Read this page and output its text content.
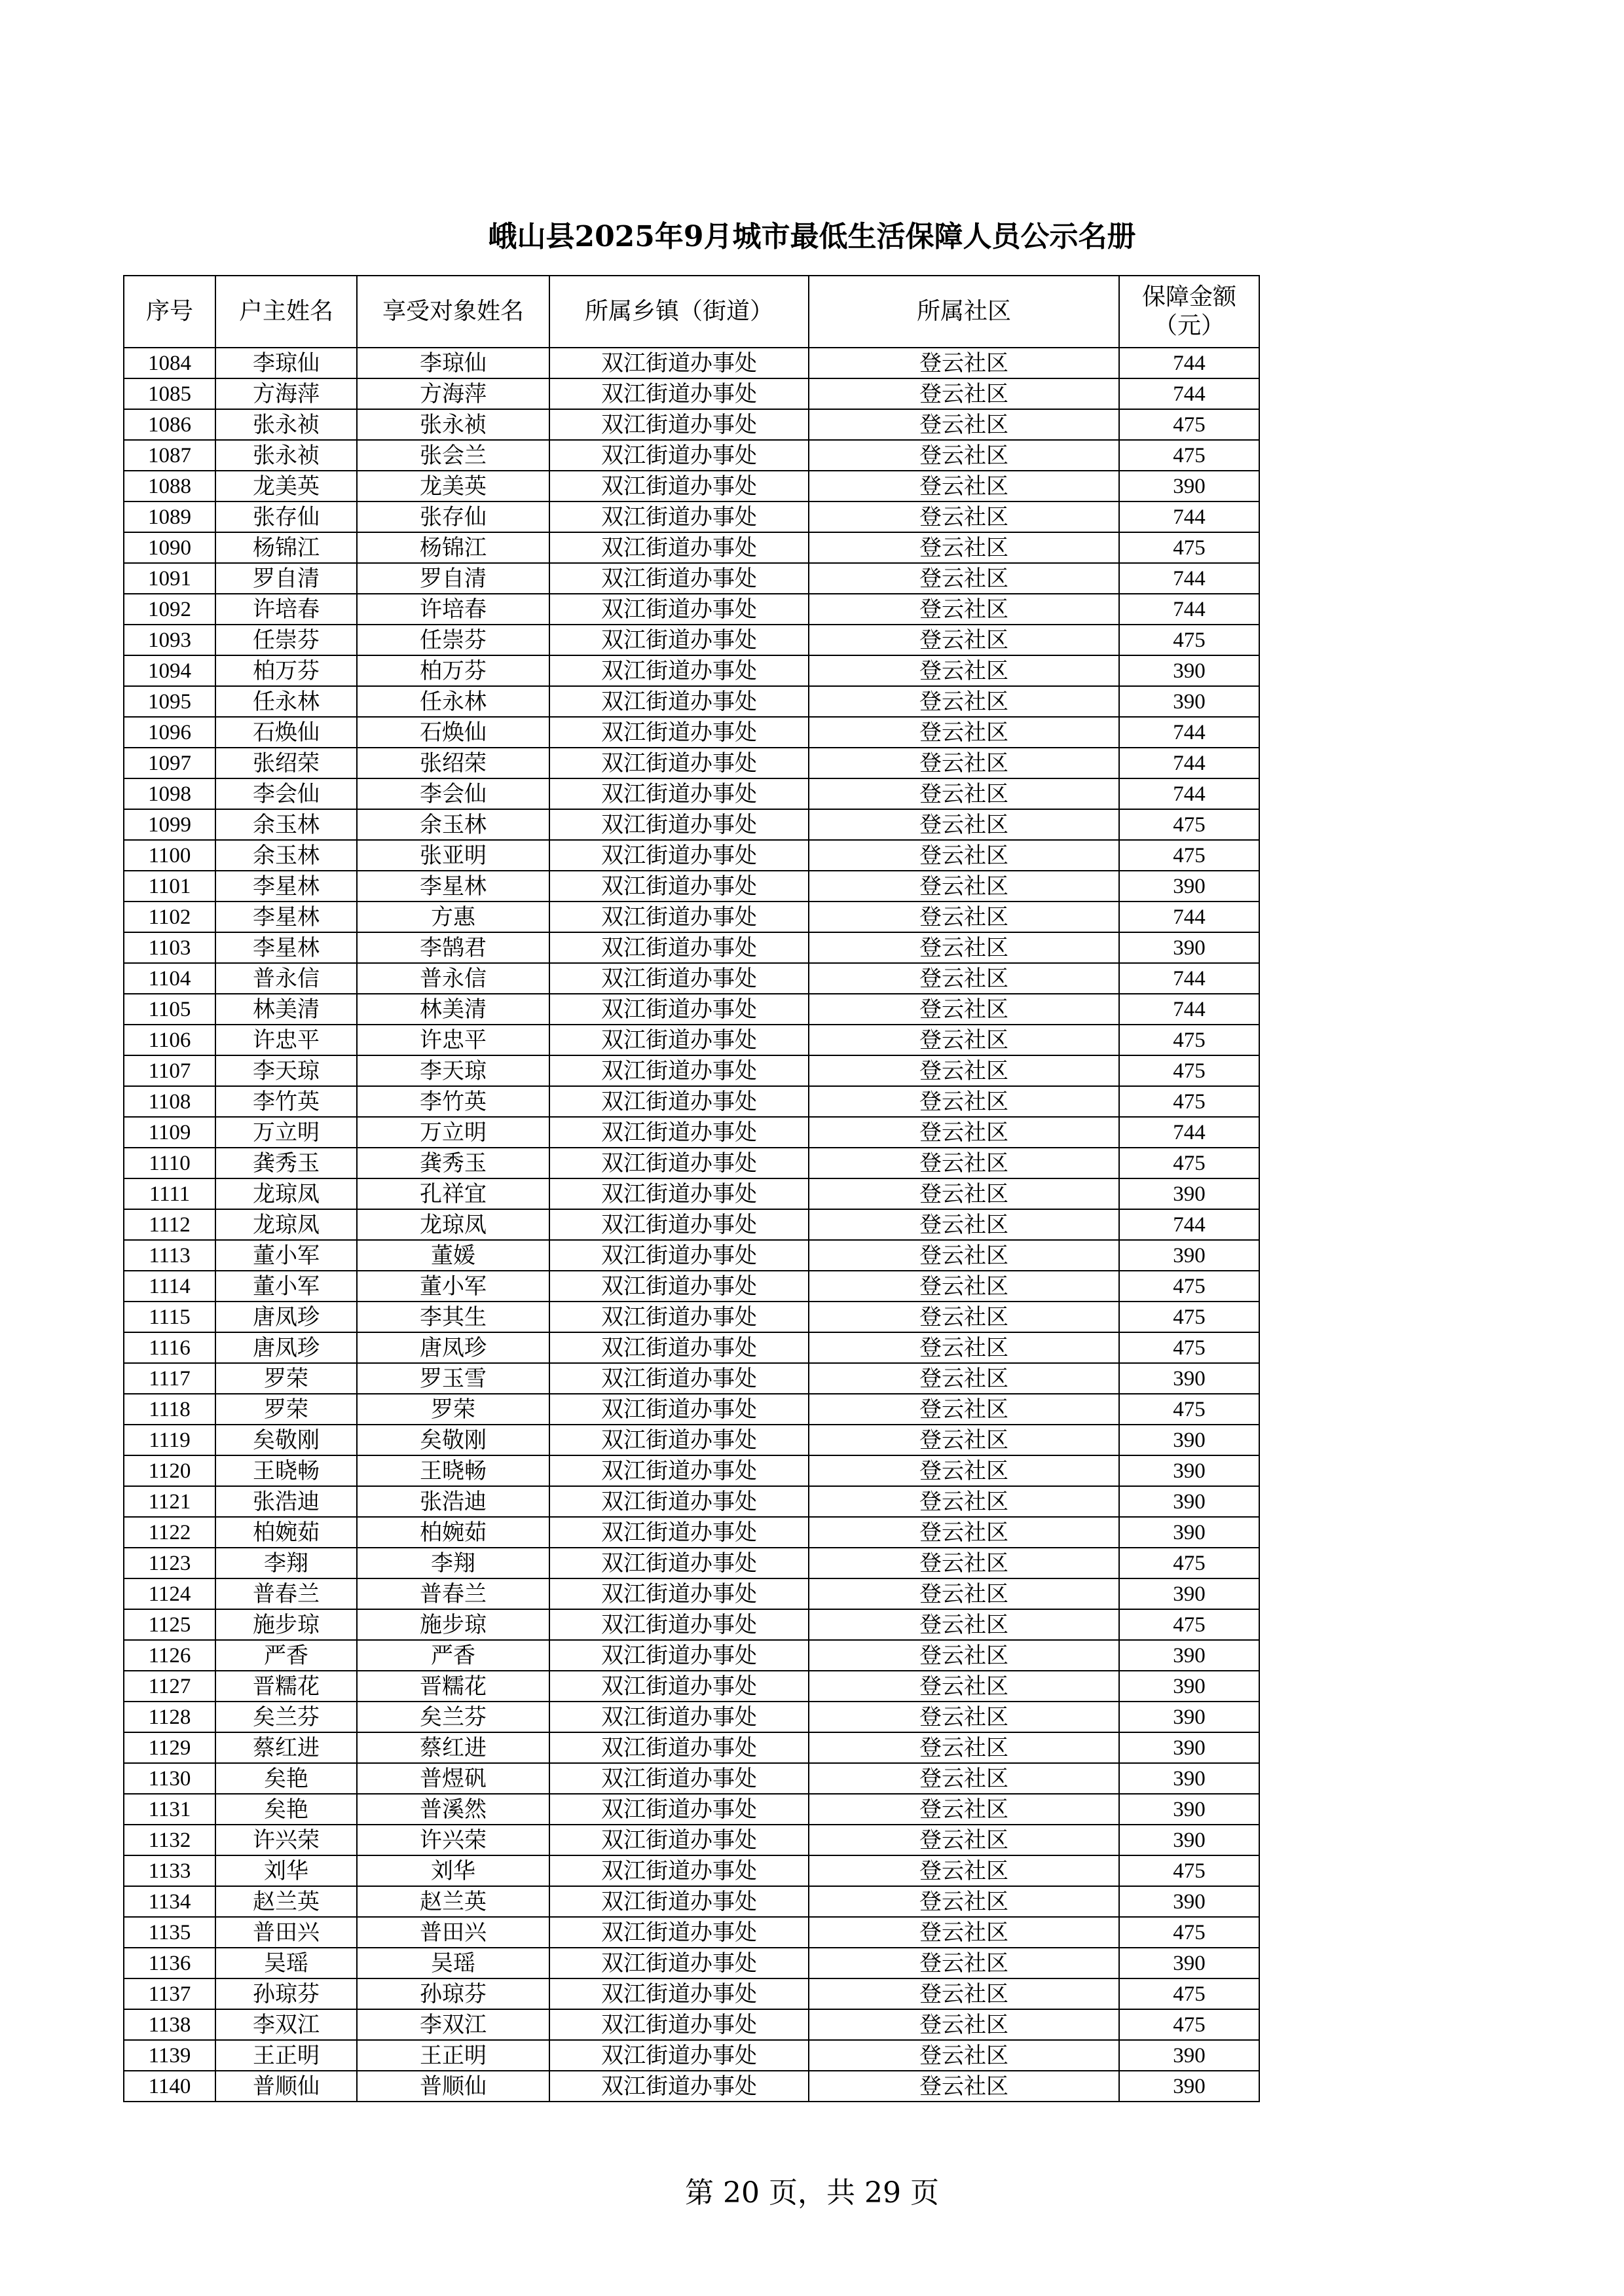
峨山县2025年9月城市最低生活保障人员公示名册
序号	户主姓名	享受对象姓名	所属乡镇（街道）	所属社区	保障金额（元）
1084	李琼仙	李琼仙	双江街道办事处	登云社区	744
1085	方海萍	方海萍	双江街道办事处	登云社区	744
1086	张永祯	张永祯	双江街道办事处	登云社区	475
1087	张永祯	张会兰	双江街道办事处	登云社区	475
1088	龙美英	龙美英	双江街道办事处	登云社区	390
1089	张存仙	张存仙	双江街道办事处	登云社区	744
1090	杨锦江	杨锦江	双江街道办事处	登云社区	475
1091	罗自清	罗自清	双江街道办事处	登云社区	744
1092	许培春	许培春	双江街道办事处	登云社区	744
1093	任崇芬	任崇芬	双江街道办事处	登云社区	475
1094	柏万芬	柏万芬	双江街道办事处	登云社区	390
1095	任永林	任永林	双江街道办事处	登云社区	390
1096	石焕仙	石焕仙	双江街道办事处	登云社区	744
1097	张绍荣	张绍荣	双江街道办事处	登云社区	744
1098	李会仙	李会仙	双江街道办事处	登云社区	744
1099	余玉林	余玉林	双江街道办事处	登云社区	475
1100	余玉林	张亚明	双江街道办事处	登云社区	475
1101	李星林	李星林	双江街道办事处	登云社区	390
1102	李星林	方惠	双江街道办事处	登云社区	744
1103	李星林	李鹄君	双江街道办事处	登云社区	390
1104	普永信	普永信	双江街道办事处	登云社区	744
1105	林美清	林美清	双江街道办事处	登云社区	744
1106	许忠平	许忠平	双江街道办事处	登云社区	475
1107	李天琼	李天琼	双江街道办事处	登云社区	475
1108	李竹英	李竹英	双江街道办事处	登云社区	475
1109	万立明	万立明	双江街道办事处	登云社区	744
1110	龚秀玉	龚秀玉	双江街道办事处	登云社区	475
1111	龙琼凤	孔祥宜	双江街道办事处	登云社区	390
1112	龙琼凤	龙琼凤	双江街道办事处	登云社区	744
1113	董小军	董媛	双江街道办事处	登云社区	390
1114	董小军	董小军	双江街道办事处	登云社区	475
1115	唐凤珍	李其生	双江街道办事处	登云社区	475
1116	唐凤珍	唐凤珍	双江街道办事处	登云社区	475
1117	罗荣	罗玉雪	双江街道办事处	登云社区	390
1118	罗荣	罗荣	双江街道办事处	登云社区	475
1119	矣敬刚	矣敬刚	双江街道办事处	登云社区	390
1120	王晓畅	王晓畅	双江街道办事处	登云社区	390
1121	张浩迪	张浩迪	双江街道办事处	登云社区	390
1122	柏婉茹	柏婉茹	双江街道办事处	登云社区	390
1123	李翔	李翔	双江街道办事处	登云社区	475
1124	普春兰	普春兰	双江街道办事处	登云社区	390
1125	施步琼	施步琼	双江街道办事处	登云社区	475
1126	严香	严香	双江街道办事处	登云社区	390
1127	晋糯花	晋糯花	双江街道办事处	登云社区	390
1128	矣兰芬	矣兰芬	双江街道办事处	登云社区	390
1129	蔡红进	蔡红进	双江街道办事处	登云社区	390
1130	矣艳	普煜矾	双江街道办事处	登云社区	390
1131	矣艳	普溪然	双江街道办事处	登云社区	390
1132	许兴荣	许兴荣	双江街道办事处	登云社区	390
1133	刘华	刘华	双江街道办事处	登云社区	475
1134	赵兰英	赵兰英	双江街道办事处	登云社区	390
1135	普田兴	普田兴	双江街道办事处	登云社区	475
1136	吴瑶	吴瑶	双江街道办事处	登云社区	390
1137	孙琼芬	孙琼芬	双江街道办事处	登云社区	475
1138	李双江	李双江	双江街道办事处	登云社区	475
1139	王正明	王正明	双江街道办事处	登云社区	390
1140	普顺仙	普顺仙	双江街道办事处	登云社区	390
第 20 页，共 29 页
